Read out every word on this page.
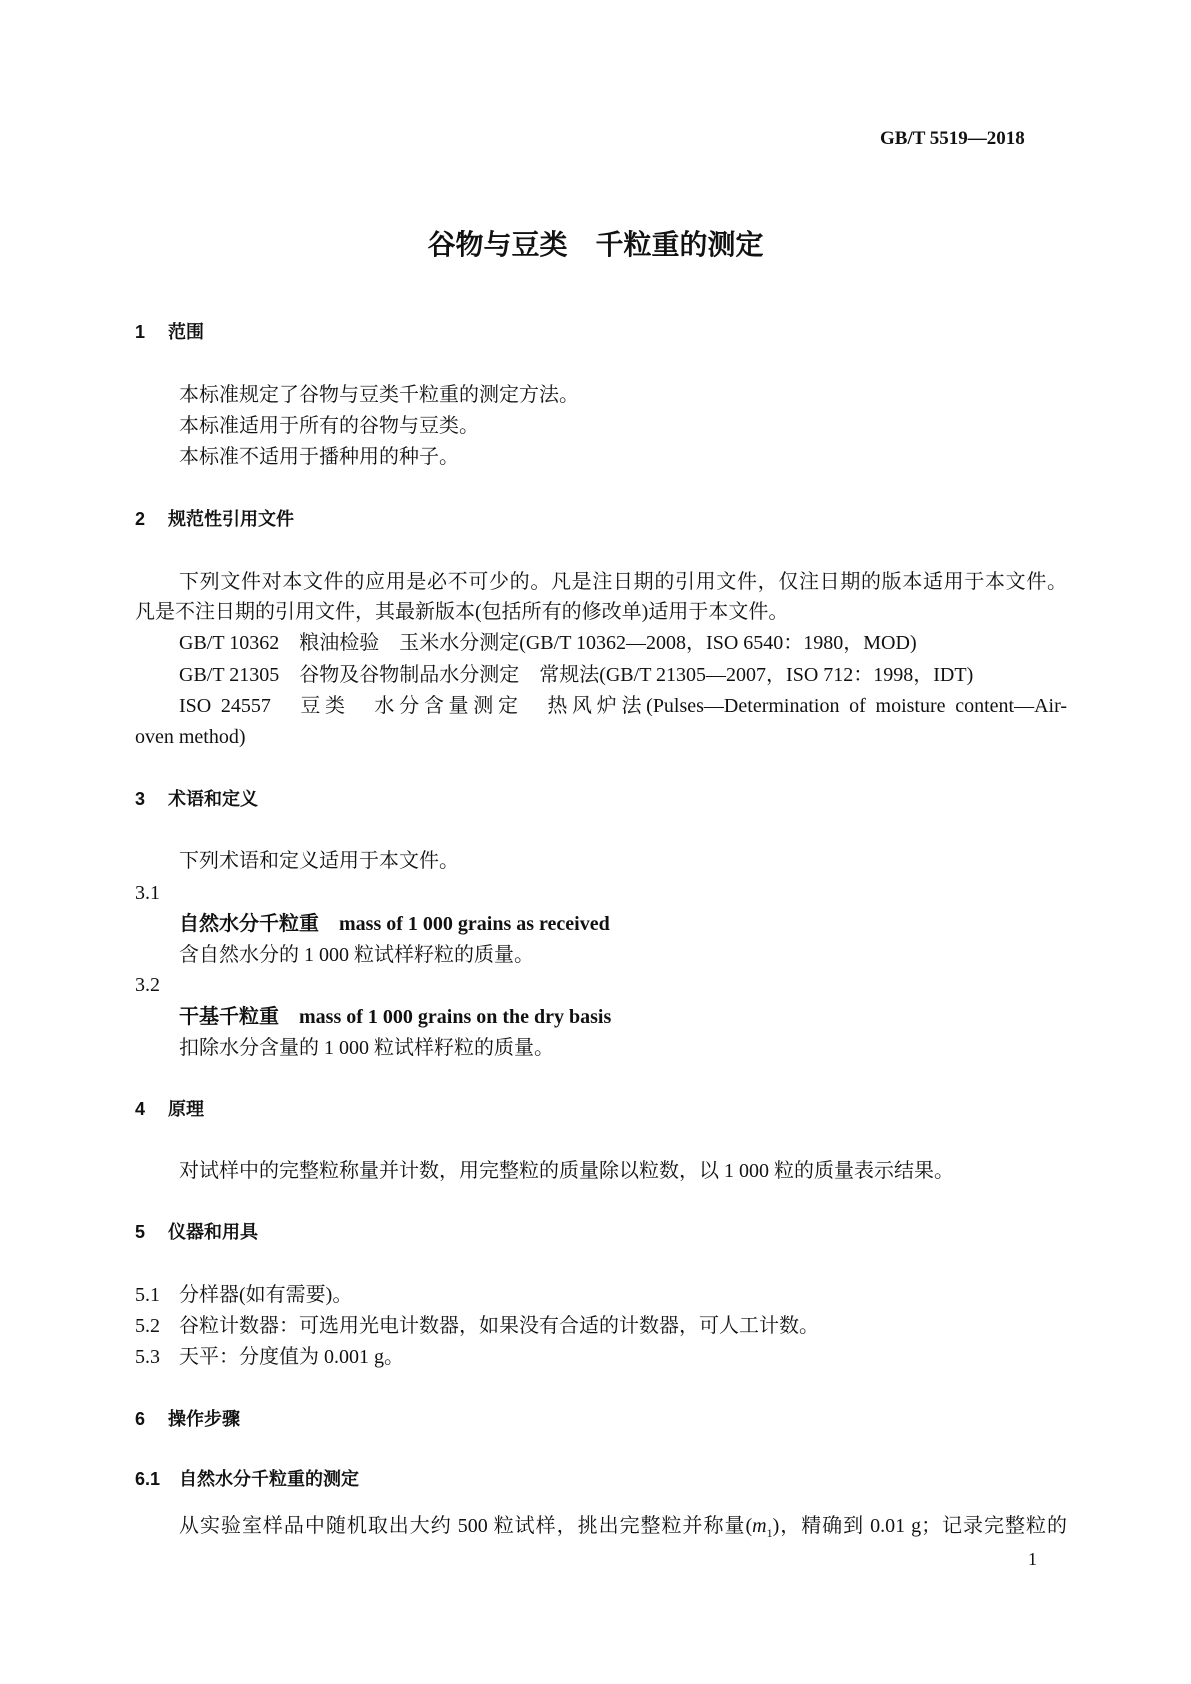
GB/T 5519—2018
谷物与豆类　千粒重的测定
1 范围
本标准规定了谷物与豆类千粒重的测定方法。
本标准适用于所有的谷物与豆类。
本标准不适用于播种用的种子。
2 规范性引用文件
下列文件对本文件的应用是必不可少的。凡是注日期的引用文件，仅注日期的版本适用于本文件。
凡是不注日期的引用文件，其最新版本(包括所有的修改单)适用于本文件。
GB/T 10362　粮油检验　玉米水分测定(GB/T 10362—2008，ISO 6540：1980，MOD)
GB/T 21305　谷物及谷物制品水分测定　常规法(GB/T 21305—2007，ISO 712：1998，IDT)
ISO 24557　豆类　水分含量测定　热风炉法(Pulses—Determination of moisture content—Air-
oven method)
3 术语和定义
下列术语和定义适用于本文件。
3.1
自然水分千粒重　mass of 1 000 grains as received
含自然水分的 1 000 粒试样籽粒的质量。
3.2
干基千粒重　mass of 1 000 grains on the dry basis
扣除水分含量的 1 000 粒试样籽粒的质量。
4 原理
对试样中的完整粒称量并计数，用完整粒的质量除以粒数，以 1 000 粒的质量表示结果。
5 仪器和用具
5.1 分样器(如有需要)。
5.2 谷粒计数器：可选用光电计数器，如果没有合适的计数器，可人工计数。
5.3 天平：分度值为 0.001 g。
6 操作步骤
6.1 自然水分千粒重的测定
从实验室样品中随机取出大约 500 粒试样，挑出完整粒并称量$(m_1)$，精确到 0.01 g；记录完整粒的
1
